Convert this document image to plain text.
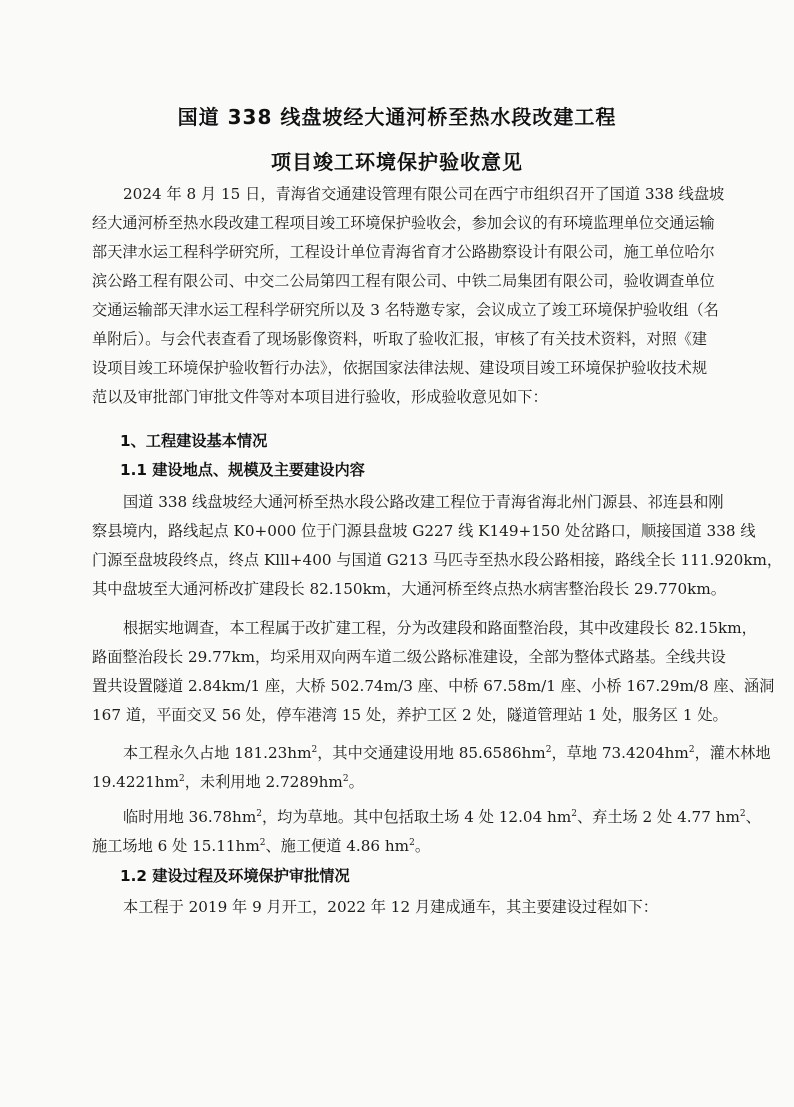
国道 338 线盘坡经大通河桥至热水段改建工程
项目竣工环境保护验收意见
2024 年 8 月 15 日，青海省交通建设管理有限公司在西宁市组织召开了国道 338 线盘坡
经大通河桥至热水段改建工程项目竣工环境保护验收会，参加会议的有环境监理单位交通运输
部天津水运工程科学研究所，工程设计单位青海省育才公路勘察设计有限公司，施工单位哈尔
滨公路工程有限公司、中交二公局第四工程有限公司、中铁二局集团有限公司，验收调查单位
交通运输部天津水运工程科学研究所以及 3 名特邀专家，会议成立了竣工环境保护验收组（名
单附后）。与会代表查看了现场影像资料，听取了验收汇报，审核了有关技术资料，对照《建
设项目竣工环境保护验收暂行办法》，依据国家法律法规、建设项目竣工环境保护验收技术规
范以及审批部门审批文件等对本项目进行验收，形成验收意见如下：
1、工程建设基本情况
1.1 建设地点、规模及主要建设内容
国道 338 线盘坡经大通河桥至热水段公路改建工程位于青海省海北州门源县、祁连县和刚
察县境内，路线起点 K0+000 位于门源县盘坡 G227 线 K149+150 处岔路口，顺接国道 338 线
门源至盘坡段终点，终点 Klll+400 与国道 G213 马匹寺至热水段公路相接，路线全长 111.920km，
其中盘坡至大通河桥改扩建段长 82.150km，大通河桥至终点热水病害整治段长 29.770km。
根据实地调查，本工程属于改扩建工程，分为改建段和路面整治段，其中改建段长 82.15km，
路面整治段长 29.77km，均采用双向两车道二级公路标准建设，全部为整体式路基。全线共设
置共设置隧道 2.84km/1 座，大桥 502.74m/3 座、中桥 67.58m/1 座、小桥 167.29m/8 座、涵洞
167 道，平面交叉 56 处，停车港湾 15 处，养护工区 2 处，隧道管理站 1 处，服务区 1 处。
本工程永久占地 $181.23hm^2$，其中交通建设用地 $85.6586hm^2$，草地 $73.4204hm^2$，灌木林地
$19.4221hm^2$，未利用地 $2.7289hm^2$。
临时用地 $36.78hm^2$，均为草地。其中包括取土场 4 处 12.04 $hm^2$、弃土场 2 处 4.77 $hm^2$、
施工场地 6 处 $15.11hm^2$、施工便道 4.86 $hm^2$。
1.2 建设过程及环境保护审批情况
本工程于 2019 年 9 月开工，2022 年 12 月建成通车，其主要建设过程如下：
